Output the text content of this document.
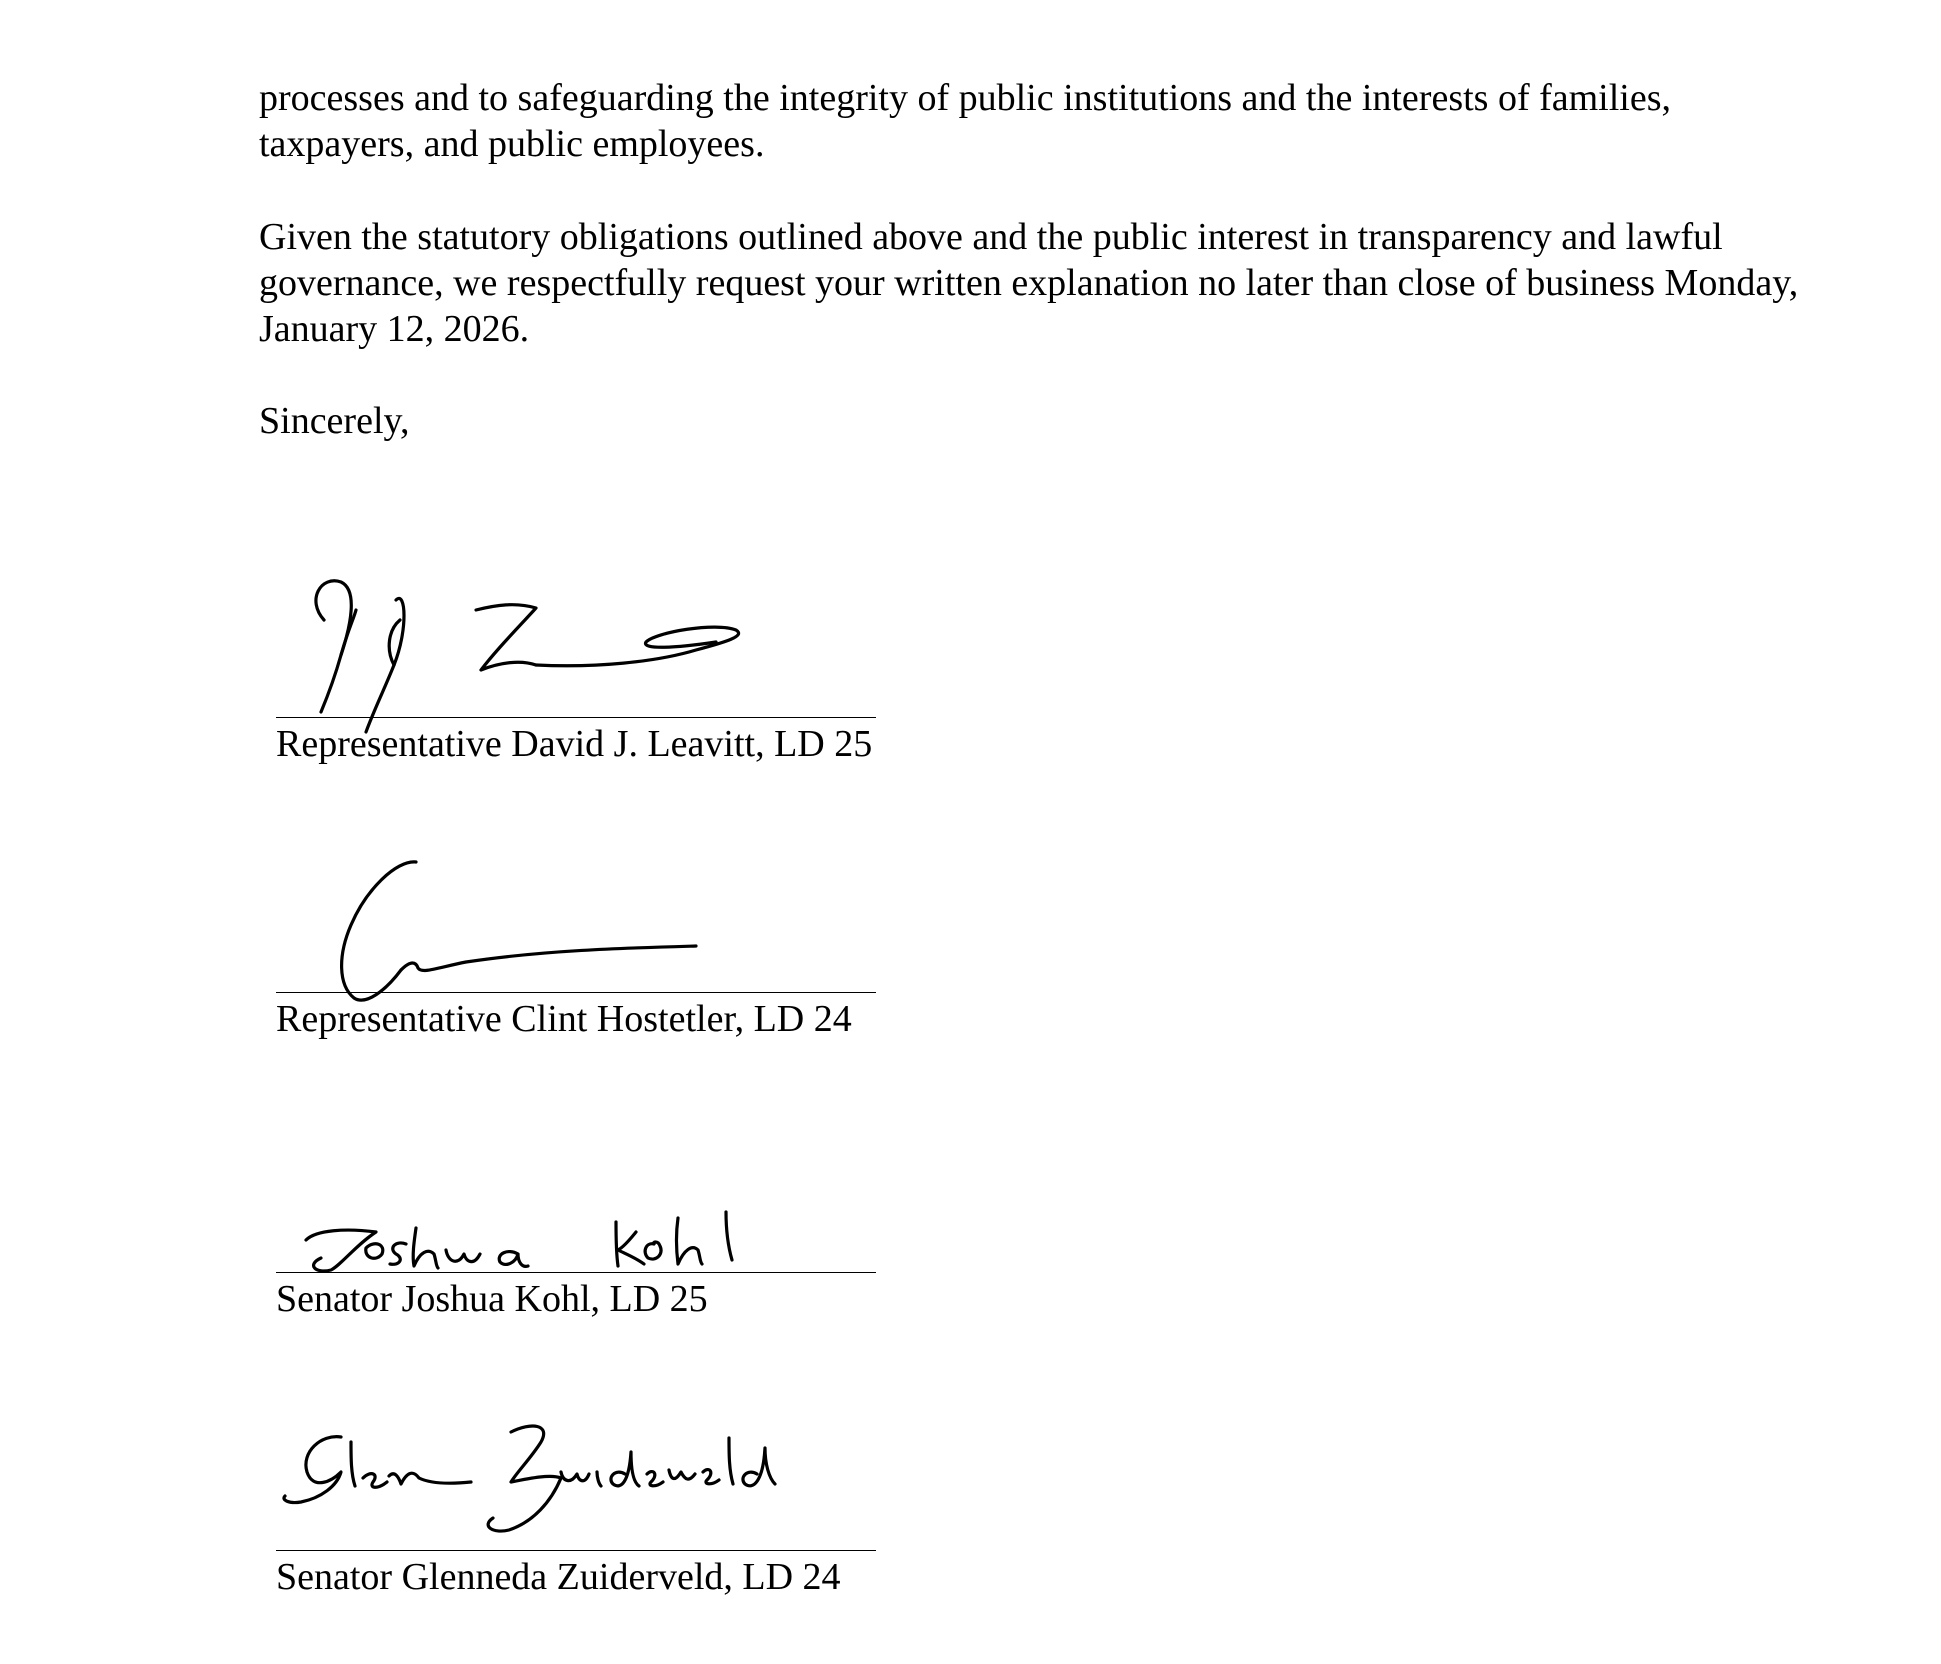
processes and to safeguarding the integrity of public institutions and the interests of families, taxpayers, and public employees.

Given the statutory obligations outlined above and the public interest in transparency and lawful governance, we respectfully request your written explanation no later than close of business Monday, January 12, 2026.

Sincerely,
Representative David J. Leavitt, LD 25
Representative Clint Hostetler, LD 24
Senator Joshua Kohl, LD 25
Senator Glenneda Zuiderveld, LD 24
